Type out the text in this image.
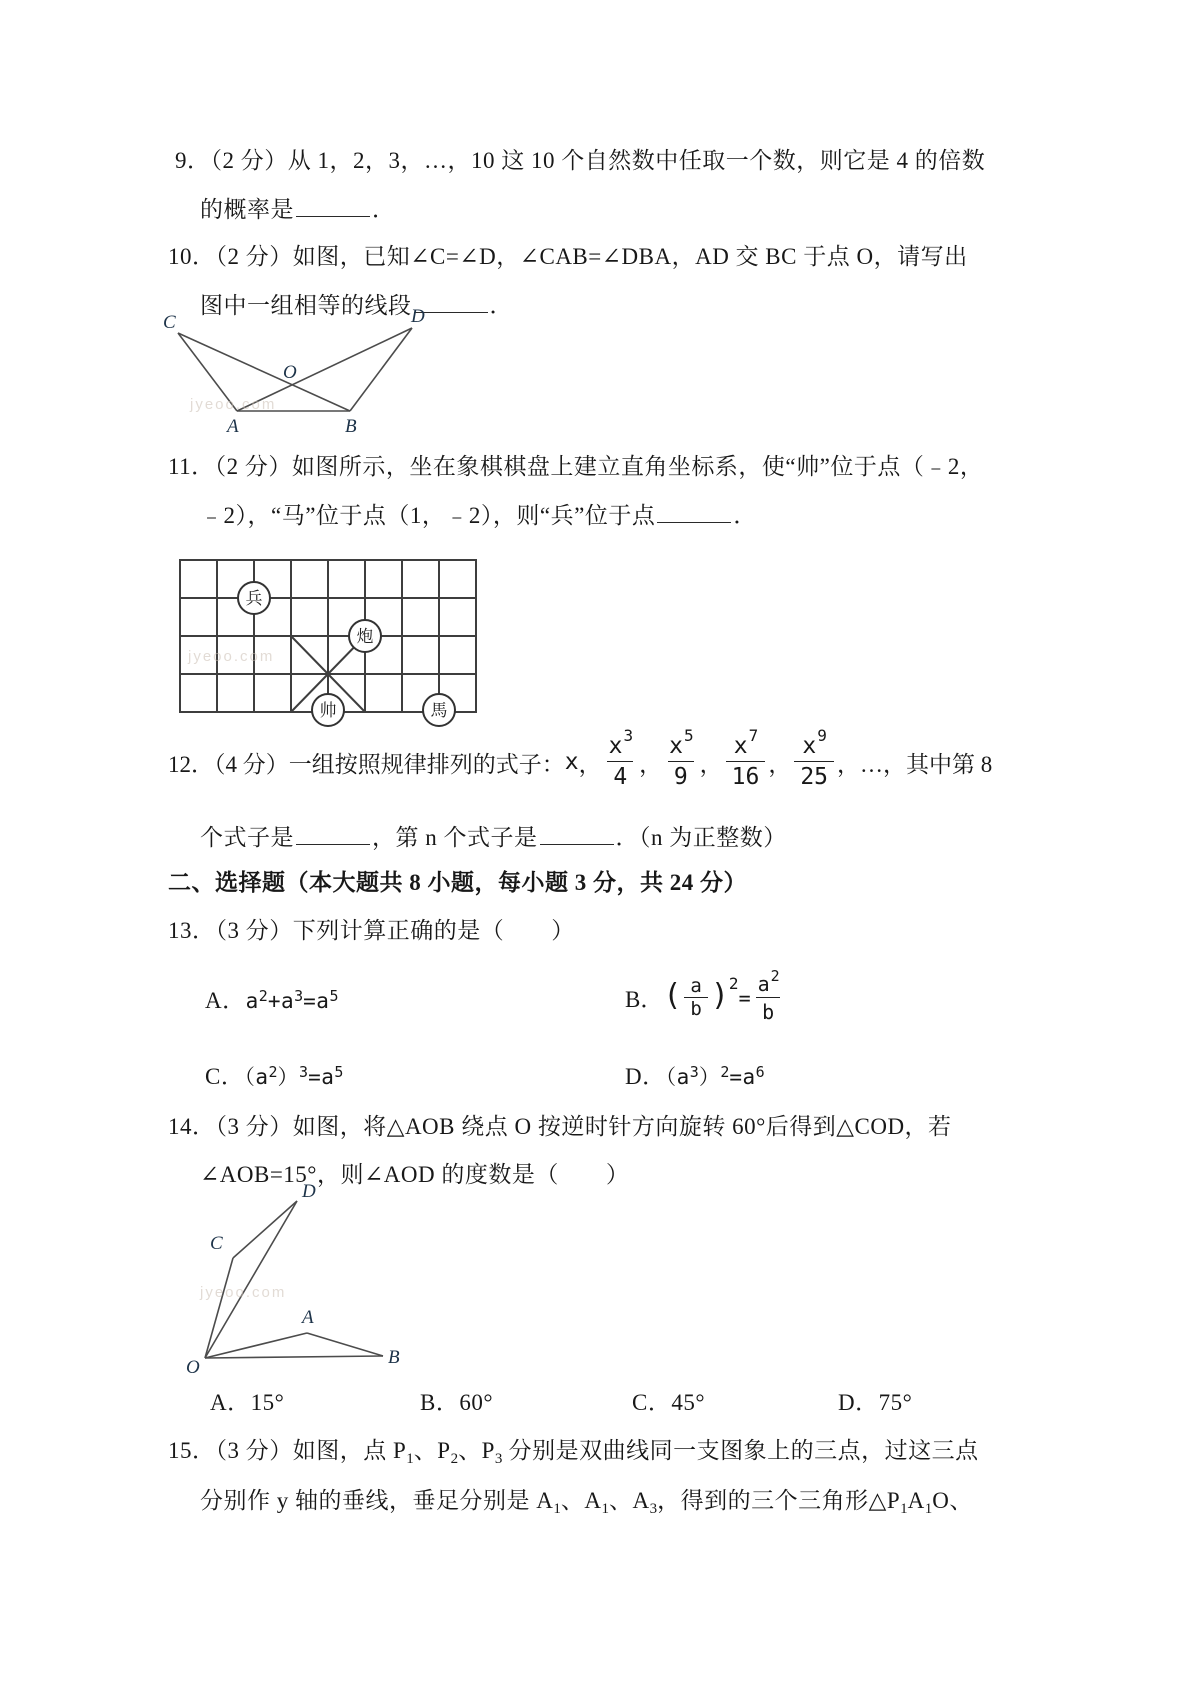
9．（2 分）从 1，2，3，…，10 这 10 个自然数中任取一个数，则它是 4 的倍数
的概率是	．
10．（2 分）如图，已知∠C=∠D，∠CAB=∠DBA，AD 交 BC 于点 O，请写出
图中一组相等的线段	．
C	D
O
A	B
jyeoo.com
11．（2 分）如图所示，坐在象棋棋盘上建立直角坐标系，使“帅”位于点（﹣2，
﹣2），“马”位于点（1，﹣2），则“兵”位于点	．
兵
炮
帅	馬
jyeoo.com
12．（4 分）一组按照规律排列的式子： x ， $\frac{x^3}{4}$ ， $\frac{x^5}{9}$ ， $\frac{x^7}{16}$ ， $\frac{x^9}{25}$ ， …，其中第 8
个式子是	，第 n 个式子是	．（n 为正整数）
二、选择题（本大题共 8 小题，每小题 3 分，共 24 分）
13．（3 分）下列计算正确的是（　　）
A．$a^2+a^3=a^5$	B． ( $\frac{a}{b}$ ) 2
= $\frac{a^2}{b}$
C．$(a^2)^3=a^5$	D．$(a^3)^2=a^6$
14．（3 分）如图，将△AOB 绕点 O 按逆时针方向旋转 60°后得到△COD，若
∠AOB=15°，则∠AOD 的度数是（　　）
O	B
A
C
D
jyeoo.com
A．15°	B．60°	C．45°	D．75°
15．（3 分）如图，点 $P_1$、$P_2$、$P_3$ 分别是双曲线同一支图象上的三点，过这三点
分别作 y 轴的垂线，垂足分别是 $A_1$、$A_1$、$A_3$，得到的三个三角形$\triangle P_1A_1O$、
